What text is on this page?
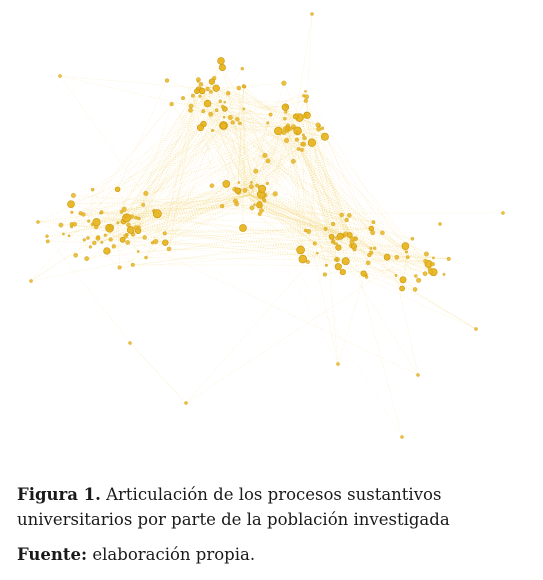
Figura 1. Articulación de los procesos sustantivos universitarios por parte de la población investigada

Fuente: elaboración propia.
